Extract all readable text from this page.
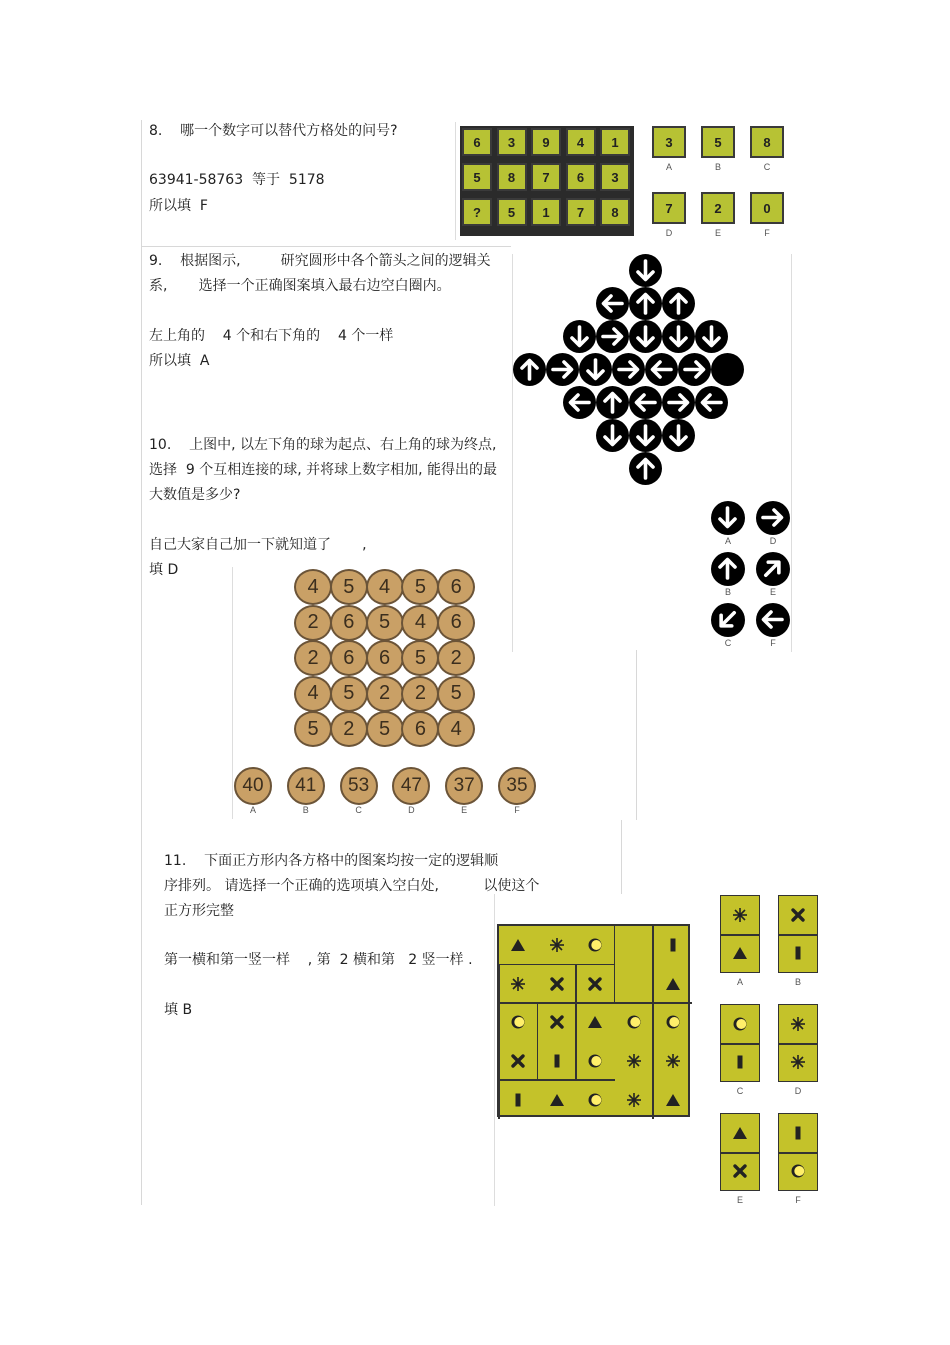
8.    哪一个数字可以替代方格处的问号?
63941-58763  等于  5178
所以填  F
6	3	9	4	1
5	8	7	6	3
?	5	1	7	8
3
A
5
B
8
C
7
D
2
E
0
F
9.    根据图示,         研究圆形中各个箭头之间的逻辑关
系,       选择一个正确图案填入最右边空白圈内。
左上角的    4 个和右下角的    4 个一样
所以填  A
A	D
B	E
C	F
10.    上图中, 以左下角的球为起点、右上角的球为终点,
选择  9 个互相连接的球, 并将球上数字相加, 能得出的最
大数值是多少?
自己大家自己加一下就知道了       ,
填 D
4	5	4	5	6
2	6	5	4	6
2	6	6	5	2
4	5	2	2	5
5	2	5	6	4
40
A
41
B
53
C
47
D
37
E
35
F
11.    下面正方形内各方格中的图案均按一定的逻辑顺
序排列。 请选择一个正确的选项填入空白处,          以使这个
正方形完整
第一横和第一竖一样    , 第  2 横和第   2 竖一样 .
填 B
A	B
C	D
E	F
